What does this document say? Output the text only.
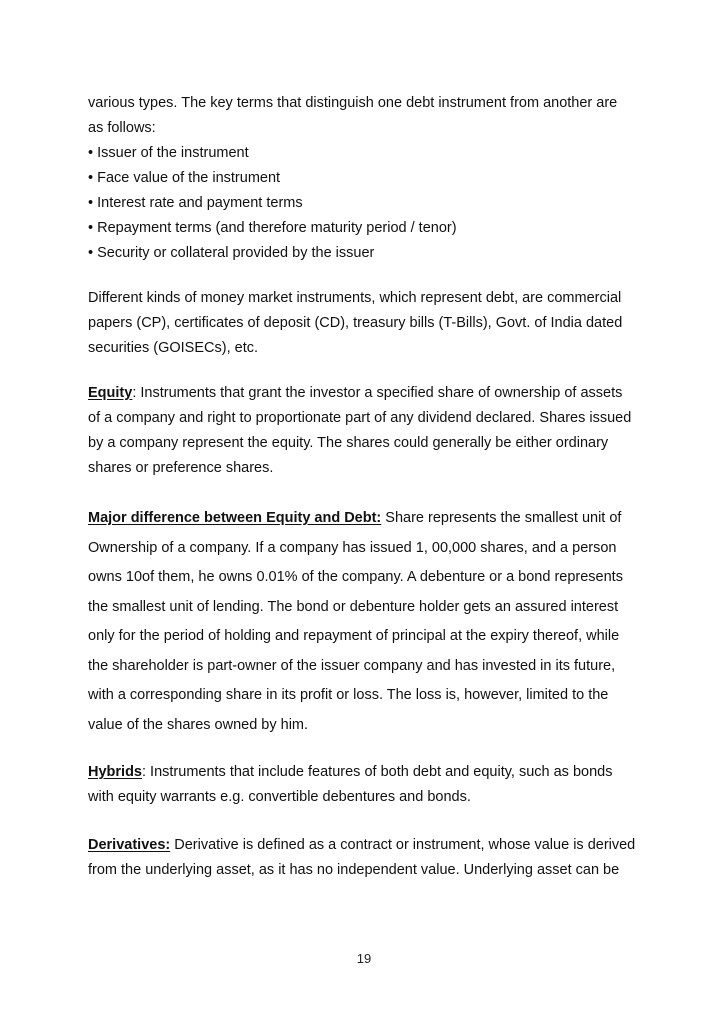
various types. The key terms that distinguish one debt instrument from another are
as follows:
• Issuer of the instrument
• Face value of the instrument
• Interest rate and payment terms
• Repayment terms (and therefore maturity period / tenor)
• Security or collateral provided by the issuer
Different kinds of money market instruments, which represent debt, are commercial
papers (CP), certificates of deposit (CD), treasury bills (T-Bills), Govt. of India dated
securities (GOISECs), etc.
Equity: Instruments that grant the investor a specified share of ownership of assets
of a company and right to proportionate part of any dividend declared. Shares issued
by a company represent the equity. The shares could generally be either ordinary
shares or preference shares.
Major difference between Equity and Debt: Share represents the smallest unit of
Ownership of a company. If a company has issued 1, 00,000 shares, and a person
owns 10of them, he owns 0.01% of the company. A debenture or a bond represents
the smallest unit of lending. The bond or debenture holder gets an assured interest
only for the period of holding and repayment of principal at the expiry thereof, while
the shareholder is part-owner of the issuer company and has invested in its future,
with a corresponding share in its profit or loss. The loss is, however, limited to the
value of the shares owned by him.
Hybrids: Instruments that include features of both debt and equity, such as bonds
with equity warrants e.g. convertible debentures and bonds.
Derivatives: Derivative is defined as a contract or instrument, whose value is derived
from the underlying asset, as it has no independent value. Underlying asset can be
19
